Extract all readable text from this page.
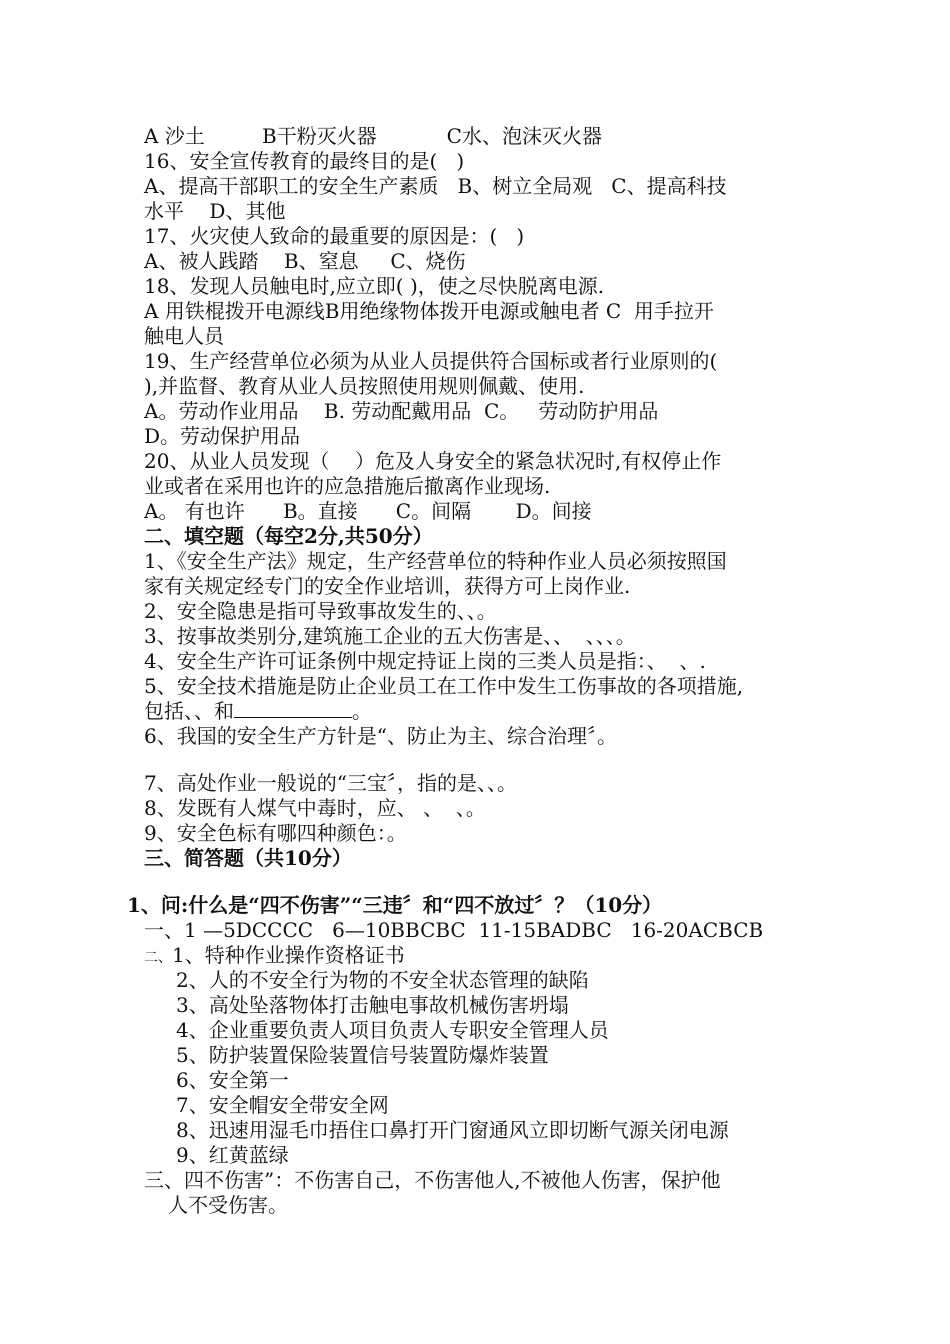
A 沙土         B干粉灭火器           C水、泡沫灭火器

16、安全宣传教育的最终目的是(   )

A、提高干部职工的安全生产素质   B、树立全局观   C、提高科技

水平    D、其他

17、火灾使人致命的最重要的原因是：(   )

A、被人践踏    B、窒息     C、烧伤

18、发现人员触电时,应立即( )，使之尽快脱离电源.

A 用铁棍拨开电源线B用绝缘物体拨开电源或触电者 C  用手拉开

触电人员

19、生产经营单位必须为从业人员提供符合国标或者行业原则的(

),并监督、教育从业人员按照使用规则佩戴、使用.

A。劳动作业用品    B. 劳动配戴用品  C。   劳动防护用品

D。劳动保护用品

20、从业人员发现（    ）危及人身安全的紧急状况时,有权停止作

业或者在采用也许的应急措施后撤离作业现场.

A。 有也许      B。直接      C。间隔       D。间接

二、填空题（每空2分,共50分）

1、《安全生产法》规定，生产经营单位的特种作业人员必须按照国

家有关规定经专门的安全作业培训，获得方可上岗作业.

2、安全隐患是指可导致事故发生的、、。

3、按事故类别分,建筑施工企业的五大伤害是、、  、、、。

4、安全生产许可证条例中规定持证上岗的三类人员是指：、  、.

5、安全技术措施是防止企业员工在工作中发生工伤事故的各项措施,

包括、、和	。

6、我国的安全生产方针是“、防止为主、综合治理〞。

7、高处作业一般说的“三宝〞，指的是、、。

8、发既有人煤气中毒时，应、 、  、。

9、安全色标有哪四种颜色：。

三、简答题（共10分）

1、问:什么是“四不伤害”“三违〞和“四不放过〞？（10分）

一、1 —5DCCCC   6—10BBCBC  11-15BADBC   16-20ACBCB

二、1、特种作业操作资格证书

2、人的不安全行为物的不安全状态管理的缺陷

3、高处坠落物体打击触电事故机械伤害坍塌

4、企业重要负责人项目负责人专职安全管理人员

5、防护装置保险装置信号装置防爆炸装置

6、安全第一

7、安全帽安全带安全网

8、迅速用湿毛巾捂住口鼻打开门窗通风立即切断气源关闭电源

9、红黄蓝绿

三、四不伤害”：不伤害自己，不伤害他人,不被他人伤害，保护他

人不受伤害。
